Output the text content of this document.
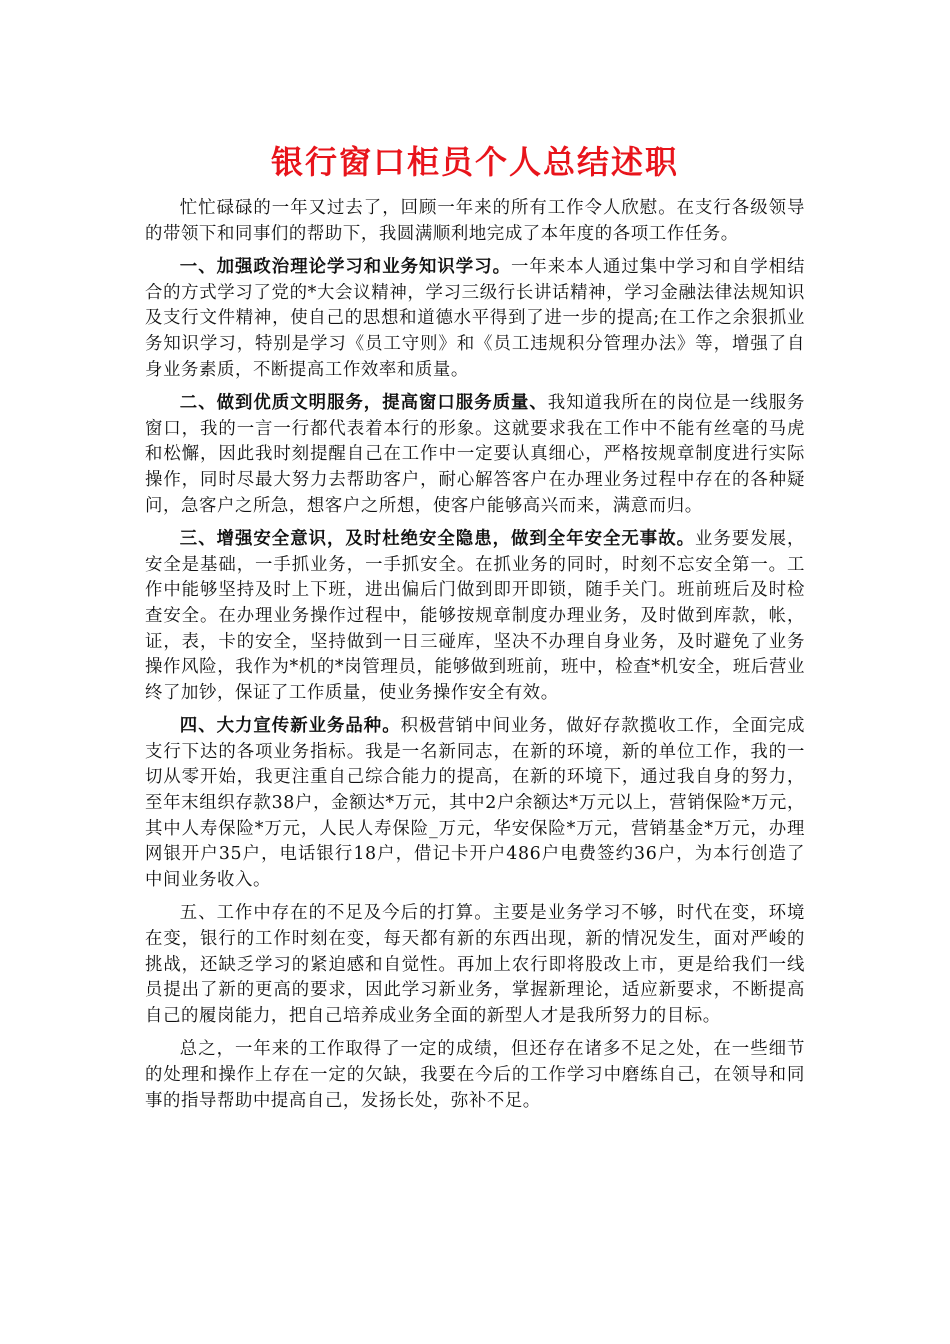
银行窗口柜员个人总结述职

忙忙碌碌的一年又过去了，回顾一年来的所有工作令人欣慰。在支行各级领导的带领下和同事们的帮助下，我圆满顺利地完成了本年度的各项工作任务。

一、加强政治理论学习和业务知识学习。一年来本人通过集中学习和自学相结合的方式学习了党的*大会议精神，学习三级行长讲话精神，学习金融法律法规知识及支行文件精神，使自己的思想和道德水平得到了进一步的提高;在工作之余狠抓业务知识学习，特别是学习《员工守则》和《员工违规积分管理办法》等，增强了自身业务素质，不断提高工作效率和质量。

二、做到优质文明服务，提高窗口服务质量、我知道我所在的岗位是一线服务窗口，我的一言一行都代表着本行的形象。这就要求我在工作中不能有丝毫的马虎和松懈，因此我时刻提醒自己在工作中一定要认真细心，严格按规章制度进行实际操作，同时尽最大努力去帮助客户，耐心解答客户在办理业务过程中存在的各种疑问，急客户之所急，想客户之所想，使客户能够高兴而来，满意而归。

三、增强安全意识，及时杜绝安全隐患，做到全年安全无事故。业务要发展，安全是基础，一手抓业务，一手抓安全。在抓业务的同时，时刻不忘安全第一。工作中能够坚持及时上下班，进出偏后门做到即开即锁，随手关门。班前班后及时检查安全。在办理业务操作过程中，能够按规章制度办理业务，及时做到库款，帐，证，表，卡的安全，坚持做到一日三碰库，坚决不办理自身业务，及时避免了业务操作风险，我作为*机的*岗管理员，能够做到班前，班中，检查*机安全，班后营业终了加钞，保证了工作质量，使业务操作安全有效。

四、大力宣传新业务品种。积极营销中间业务，做好存款揽收工作，全面完成支行下达的各项业务指标。我是一名新同志，在新的环境，新的单位工作，我的一切从零开始，我更注重自己综合能力的提高，在新的环境下，通过我自身的努力，至年末组织存款38户，金额达*万元，其中2户余额达*万元以上，营销保险*万元，其中人寿保险*万元，人民人寿保险_万元，华安保险*万元，营销基金*万元，办理网银开户35户，电话银行18户，借记卡开户486户电费签约36户，为本行创造了中间业务收入。

五、工作中存在的不足及今后的打算。主要是业务学习不够，时代在变，环境在变，银行的工作时刻在变，每天都有新的东西出现，新的情况发生，面对严峻的挑战，还缺乏学习的紧迫感和自觉性。再加上农行即将股改上市，更是给我们一线员提出了新的更高的要求，因此学习新业务，掌握新理论，适应新要求，不断提高自己的履岗能力，把自己培养成业务全面的新型人才是我所努力的目标。

总之，一年来的工作取得了一定的成绩，但还存在诸多不足之处，在一些细节的处理和操作上存在一定的欠缺，我要在今后的工作学习中磨练自己，在领导和同事的指导帮助中提高自己，发扬长处，弥补不足。
